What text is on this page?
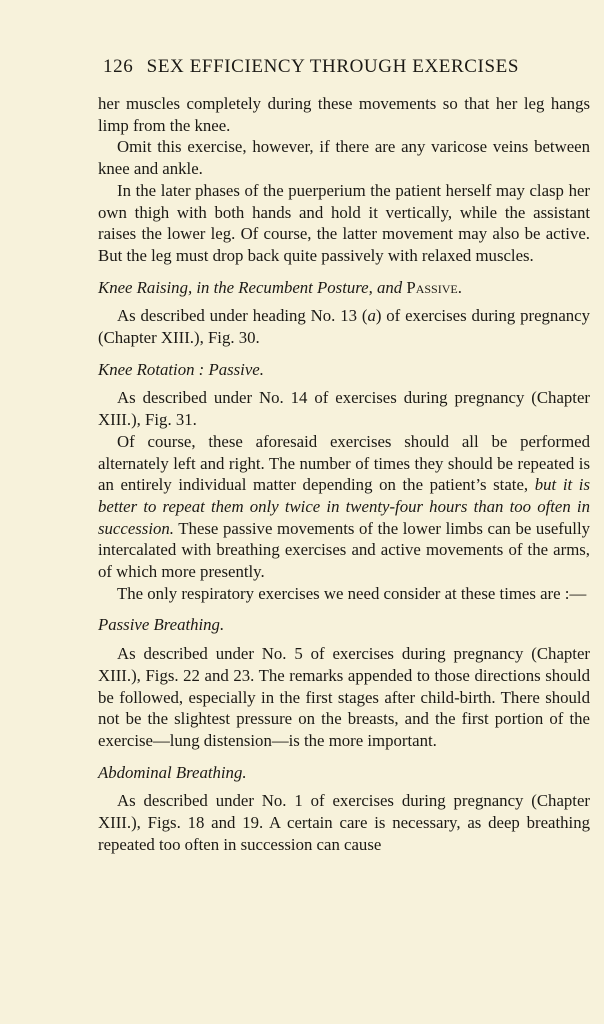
126 SEX EFFICIENCY THROUGH EXERCISES

her muscles completely during these movements so that her leg hangs limp from the knee.

Omit this exercise, however, if there are any varicose veins between knee and ankle.

In the later phases of the puerperium the patient herself may clasp her own thigh with both hands and hold it vertically, while the assistant raises the lower leg. Of course, the latter movement may also be active. But the leg must drop back quite passively with relaxed muscles.

Knee Raising, in the Recumbent Posture, and Passive.

As described under heading No. 13 (a) of exercises during pregnancy (Chapter XIII.), Fig. 30.

Knee Rotation : Passive.

As described under No. 14 of exercises during pregnancy (Chapter XIII.), Fig. 31.

Of course, these aforesaid exercises should all be performed alternately left and right. The number of times they should be repeated is an entirely individual matter depending on the patient’s state, but it is better to repeat them only twice in twenty-four hours than too often in succession. These passive movements of the lower limbs can be usefully intercalated with breathing exercises and active movements of the arms, of which more presently.

The only respiratory exercises we need consider at these times are :—

Passive Breathing.

As described under No. 5 of exercises during pregnancy (Chapter XIII.), Figs. 22 and 23. The remarks appended to those directions should be followed, especially in the first stages after child-birth. There should not be the slightest pressure on the breasts, and the first portion of the exercise—lung distension—is the more important.

Abdominal Breathing.

As described under No. 1 of exercises during pregnancy (Chapter XIII.), Figs. 18 and 19. A certain care is necessary, as deep breathing repeated too often in succession can cause
